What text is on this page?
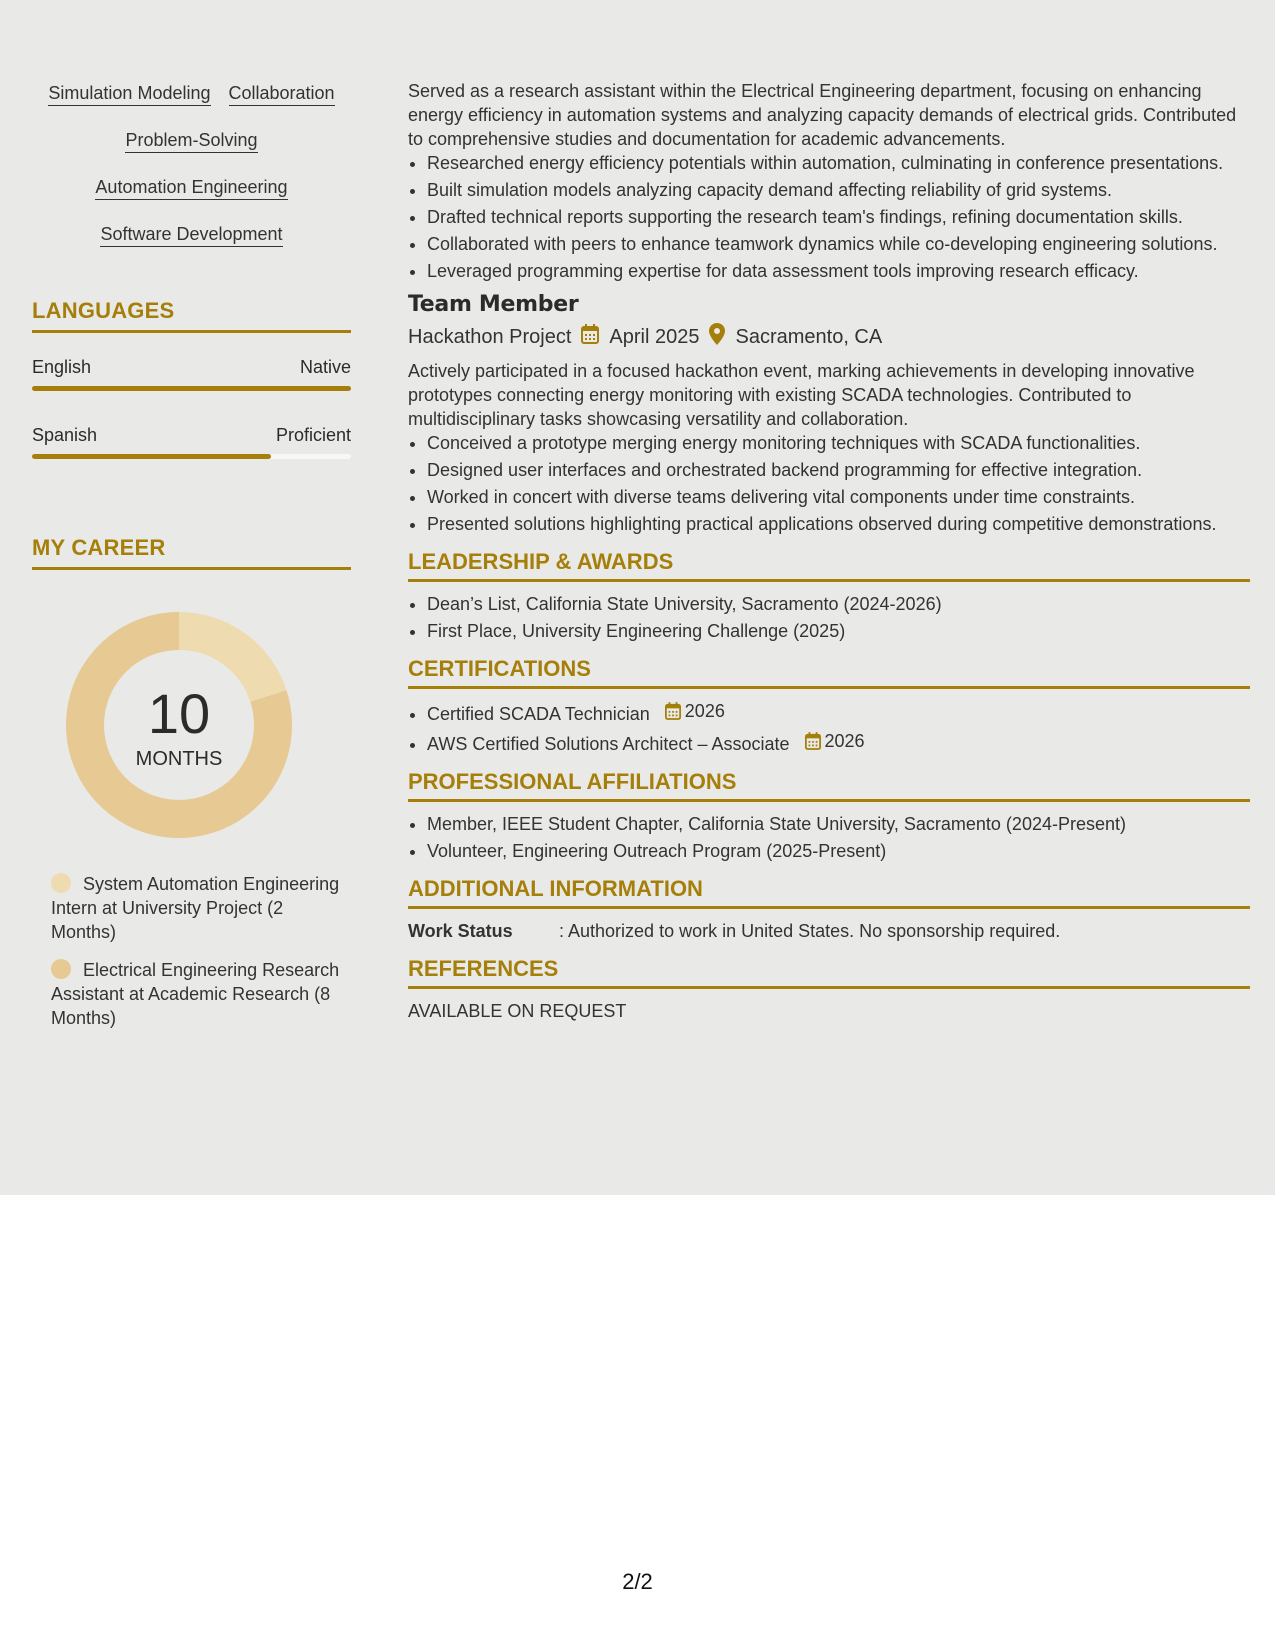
Simulation Modeling Collaboration
Problem-Solving
Automation Engineering
Software Development
LANGUAGES
English	Native
Spanish	Proficient
MY CAREER
10
MONTHS
System Automation Engineering Intern at University Project (2 Months)
Electrical Engineering Research Assistant at Academic Research (8 Months)

Served as a research assistant within the Electrical Engineering department, focusing on enhancing energy efficiency in automation systems and analyzing capacity demands of electrical grids. Contributed to comprehensive studies and documentation for academic advancements.

• Researched energy efficiency potentials within automation, culminating in conference presentations.
• Built simulation models analyzing capacity demand affecting reliability of grid systems.
• Drafted technical reports supporting the research team's findings, refining documentation skills.
• Collaborated with peers to enhance teamwork dynamics while co-developing engineering solutions.
• Leveraged programming expertise for data assessment tools improving research efficacy.
Team Member
Hackathon Project April 2025 Sacramento, CA

Actively participated in a focused hackathon event, marking achievements in developing innovative prototypes connecting energy monitoring with existing SCADA technologies. Contributed to multidisciplinary tasks showcasing versatility and collaboration.

• Conceived a prototype merging energy monitoring techniques with SCADA functionalities.
• Designed user interfaces and orchestrated backend programming for effective integration.
• Worked in concert with diverse teams delivering vital components under time constraints.
• Presented solutions highlighting practical applications observed during competitive demonstrations.
LEADERSHIP & AWARDS
• Dean’s List, California State University, Sacramento (2024-2026)
• First Place, University Engineering Challenge (2025)
CERTIFICATIONS
• Certified SCADA Technician 2026
• AWS Certified Solutions Architect – Associate 2026
PROFESSIONAL AFFILIATIONS
• Member, IEEE Student Chapter, California State University, Sacramento (2024-Present)
• Volunteer, Engineering Outreach Program (2025-Present)
ADDITIONAL INFORMATION
Work Status	: Authorized to work in United States. No sponsorship required.
REFERENCES
AVAILABLE ON REQUEST
2/2
